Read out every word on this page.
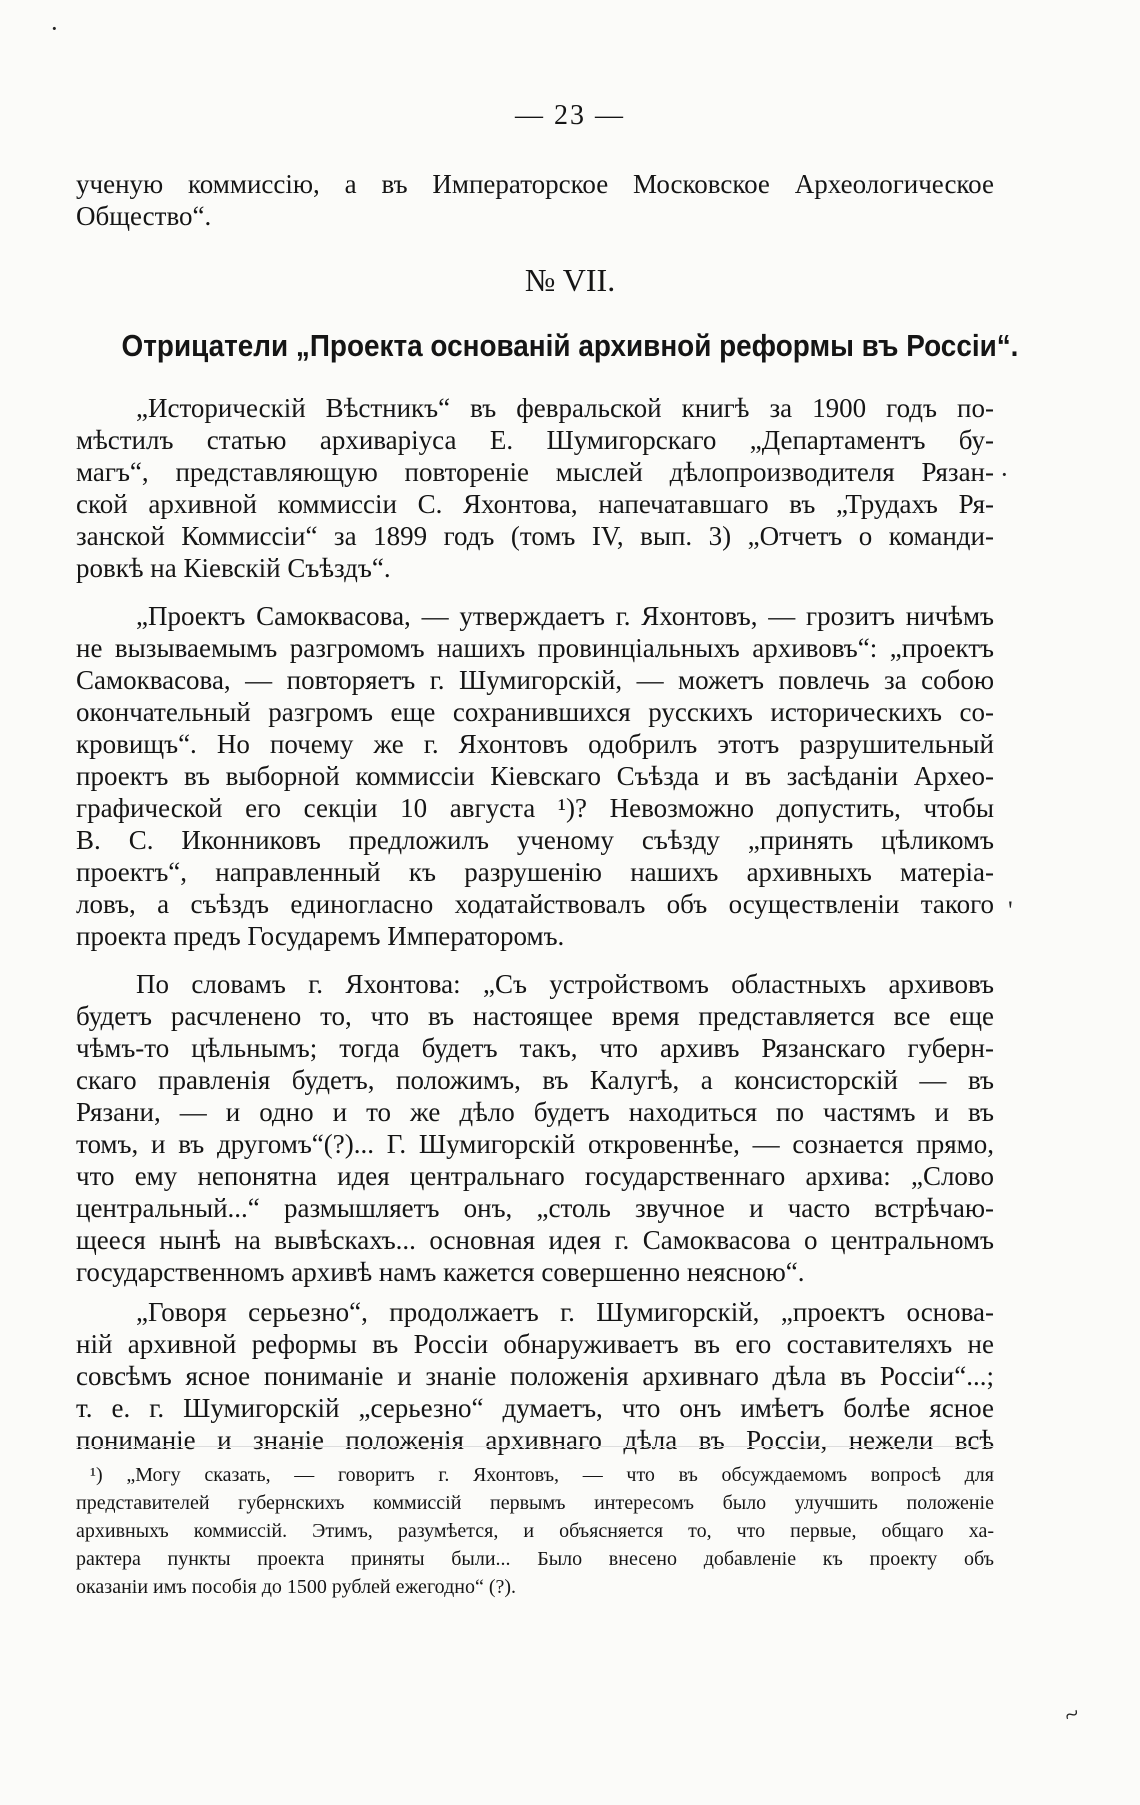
— 23 —
ученую коммиссію, а въ Императорское Московское Археологическое
Общество“.
„Историческій Вѣстникъ“ въ февральской книгѣ за 1900 годъ по-
мѣстилъ статью архиваріуса Е. Шумигорскаго „Департаментъ бу-
магъ“, представляющую повтореніе мыслей дѣлопроизводителя Рязан-
ской архивной коммиссіи С. Яхонтова, напечатавшаго въ „Трудахъ Ря-
занской Коммиссіи“ за 1899 годъ (томъ IV, вып. 3) „Отчетъ о команди-
ровкѣ на Кіевскій Съѣздъ“.
„Проектъ Самоквасова, — утверждаетъ г. Яхонтовъ, — грозитъ ничѣмъ
не вызываемымъ разгромомъ нашихъ провинціальныхъ архивовъ“: „проектъ
Самоквасова, — повторяетъ г. Шумигорскій, — можетъ повлечь за собою
окончательный разгромъ еще сохранившихся русскихъ историческихъ со-
кровищъ“. Но почему же г. Яхонтовъ одобрилъ этотъ разрушительный
проектъ въ выборной коммиссіи Кіевскаго Съѣзда и въ засѣданіи Архео-
графической его секціи 10 августа ¹)? Невозможно допустить, чтобы
В. С. Иконниковъ предложилъ ученому съѣзду „принять цѣликомъ
проектъ“, направленный къ разрушенію нашихъ архивныхъ матеріа-
ловъ, а съѣздъ единогласно ходатайствовалъ объ осуществленіи такого
проекта предъ Государемъ Императоромъ.
По словамъ г. Яхонтова: „Съ устройствомъ областныхъ архивовъ
будетъ расчленено то, что въ настоящее время представляется все еще
чѣмъ-то цѣльнымъ; тогда будетъ такъ, что архивъ Рязанскаго губерн-
скаго правленія будетъ, положимъ, въ Калугѣ, а консисторскій — въ
Рязани, — и одно и то же дѣло будетъ находиться по частямъ и въ
томъ, и въ другомъ“(?)... Г. Шумигорскій откровеннѣе, — сознается прямо,
что ему непонятна идея центральнаго государственнаго архива: „Слово
центральный...“ размышляетъ онъ, „столь звучное и часто встрѣчаю-
щееся нынѣ на вывѣскахъ... основная идея г. Самоквасова о центральномъ
государственномъ архивѣ намъ кажется совершенно неясною“.
„Говоря серьезно“, продолжаетъ г. Шумигорскій, „проектъ основа-
ній архивной реформы въ Россіи обнаруживаетъ въ его составителяхъ не
совсѣмъ ясное пониманіе и знаніе положенія архивнаго дѣла въ Россіи“...;
т. е. г. Шумигорскій „серьезно“ думаетъ, что онъ имѣетъ болѣе ясное
пониманіе и знаніе положенія архивнаго дѣла въ Россіи, нежели всѣ
№ VII.
Отрицатели „Проекта основаній архивной реформы въ Россіи“.
¹) „Могу сказать, — говоритъ г. Яхонтовъ, — что въ обсуждаемомъ вопросѣ для
представителей губернскихъ коммиссій первымъ интересомъ было улучшить положеніе
архивныхъ коммиссій. Этимъ, разумѣется, и объясняется то, что первые, общаго ха-
рактера пункты проекта приняты были... Было внесено добавленіе къ проекту объ
оказаніи имъ пособія до 1500 рублей ежегодно“ (?).
·
·
'
~
